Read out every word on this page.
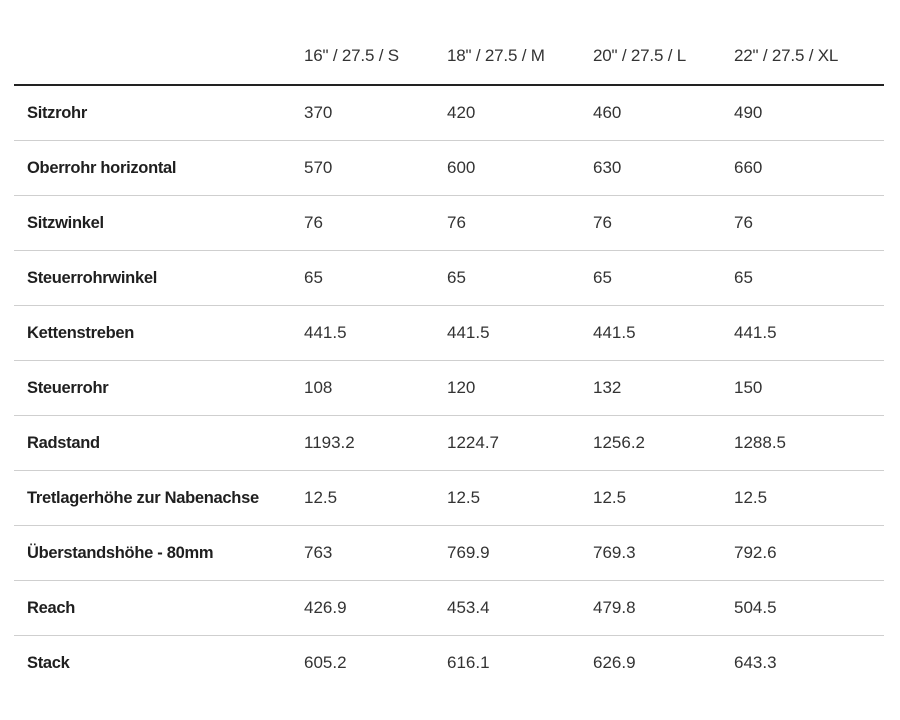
	16" / 27.5 / S	18" / 27.5 / M	20" / 27.5 / L	22" / 27.5 / XL
Sitzrohr	370	420	460	490
Oberrohr horizontal	570	600	630	660
Sitzwinkel	76	76	76	76
Steuerrohrwinkel	65	65	65	65
Kettenstreben	441.5	441.5	441.5	441.5
Steuerrohr	108	120	132	150
Radstand	1193.2	1224.7	1256.2	1288.5
Tretlagerhöhe zur Nabenachse	12.5	12.5	12.5	12.5
Überstandshöhe - 80mm	763	769.9	769.3	792.6
Reach	426.9	453.4	479.8	504.5
Stack	605.2	616.1	626.9	643.3
